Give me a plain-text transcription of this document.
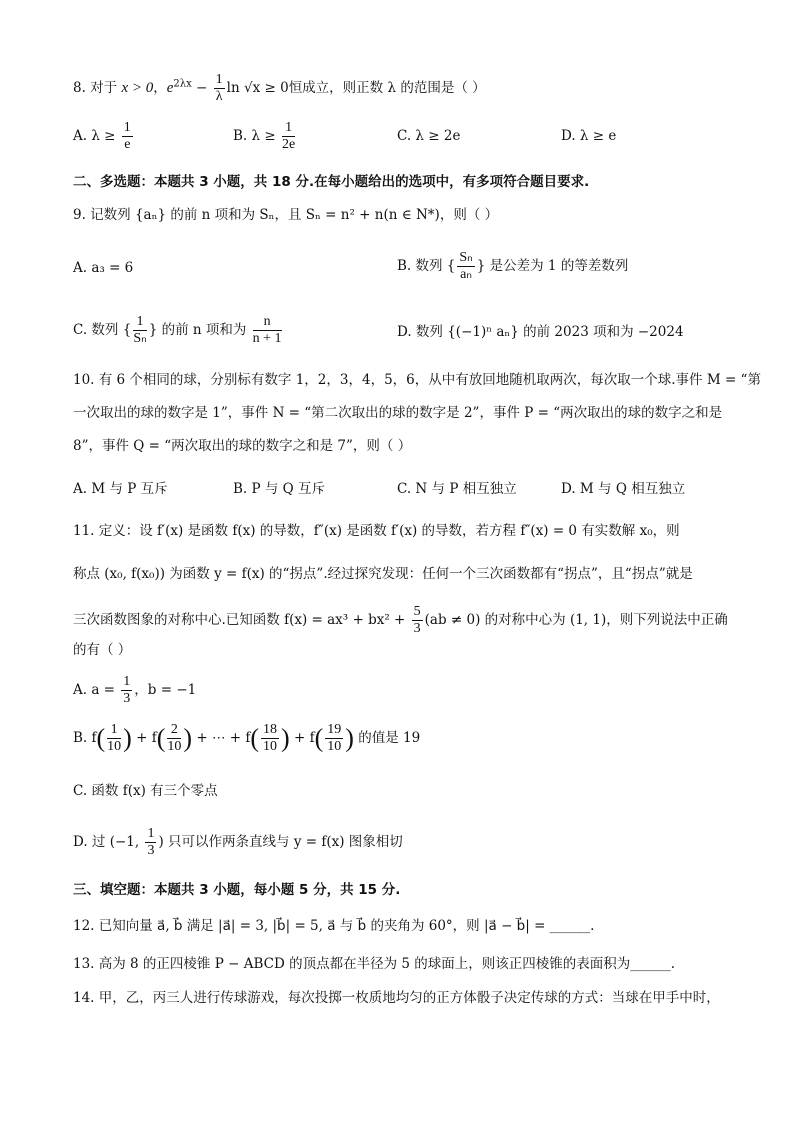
8. 对于 x > 0，$e^{2\lambda x} - \frac{1}{\lambda}$ ln √x ≥ 0恒成立，则正数 λ 的范围是（ ）
A. $\lambda \ge \frac{1}{e}$	B. $\lambda \ge \frac{1}{2e}$	C. λ ≥ 2e	D. λ ≥ e
二、多选题：本题共 3 小题，共 18 分.在每小题给出的选项中，有多项符合题目要求.
9. 记数列 {aₙ} 的前 n 项和为 Sₙ，且 Sₙ = n² + n(n ∈ N*)，则（ ）
A. a₃ = 6	B. 数列 { $\frac{\text{Sₙ}}{\text{aₙ}}$ } 是公差为 1 的等差数列
C. 数列 { $\frac{1}{\text{Sₙ}}$ } 的前 n 项和为 $\frac{n}{n + 1}$	D. 数列 {(−1)ⁿ aₙ} 的前 2023 项和为 −2024
10. 有 6 个相同的球，分别标有数字 1，2，3，4，5，6，从中有放回地随机取两次，每次取一个球.事件 M = “第
一次取出的球的数字是 1”，事件 N = “第二次取出的球的数字是 2”，事件 P = “两次取出的球的数字之和是
8”，事件 Q = “两次取出的球的数字之和是 7”，则（ ）
A. M 与 P 互斥	B. P 与 Q 互斥	C. N 与 P 相互独立	D. M 与 Q 相互独立
11. 定义：设 f′(x) 是函数 f(x) 的导数，f″(x) 是函数 f′(x) 的导数，若方程 f″(x) = 0 有实数解 x₀，则
称点 (x₀, f(x₀)) 为函数 y = f(x) 的“拐点”.经过探究发现：任何一个三次函数都有“拐点”，且“拐点”就是
三次函数图象的对称中心.已知函数 $f(x) = ax^3 + bx^2 + \frac{5}{3} (ab \ne 0)$ 的对称中心为 (1, 1)，则下列说法中正确
的有（ ）
A. $a = \frac{1}{3}$ ，b = −1
B. $f( \frac{1}{10}$ ) + $f( \frac{2}{10}$ ) + ⋯ + $f( \frac{18}{10}$ ) + $f( \frac{19}{10}$ ) 的值是 19
C. 函数 f(x) 有三个零点
D. 过 (−1, $\frac{1}{3}$ ) 只可以作两条直线与 y = f(x) 图象相切
三、填空题：本题共 3 小题，每小题 5 分，共 15 分.
12. 已知向量 a⃗, b⃗ 满足 |a⃗| = 3, |b⃗| = 5, a⃗ 与 b⃗ 的夹角为 60°，则 |a⃗ − b⃗| = ______.
13. 高为 8 的正四棱锥 P − ABCD 的顶点都在半径为 5 的球面上，则该正四棱锥的表面积为______.
14. 甲，乙，丙三人进行传球游戏，每次投掷一枚质地均匀的正方体骰子决定传球的方式：当球在甲手中时，
